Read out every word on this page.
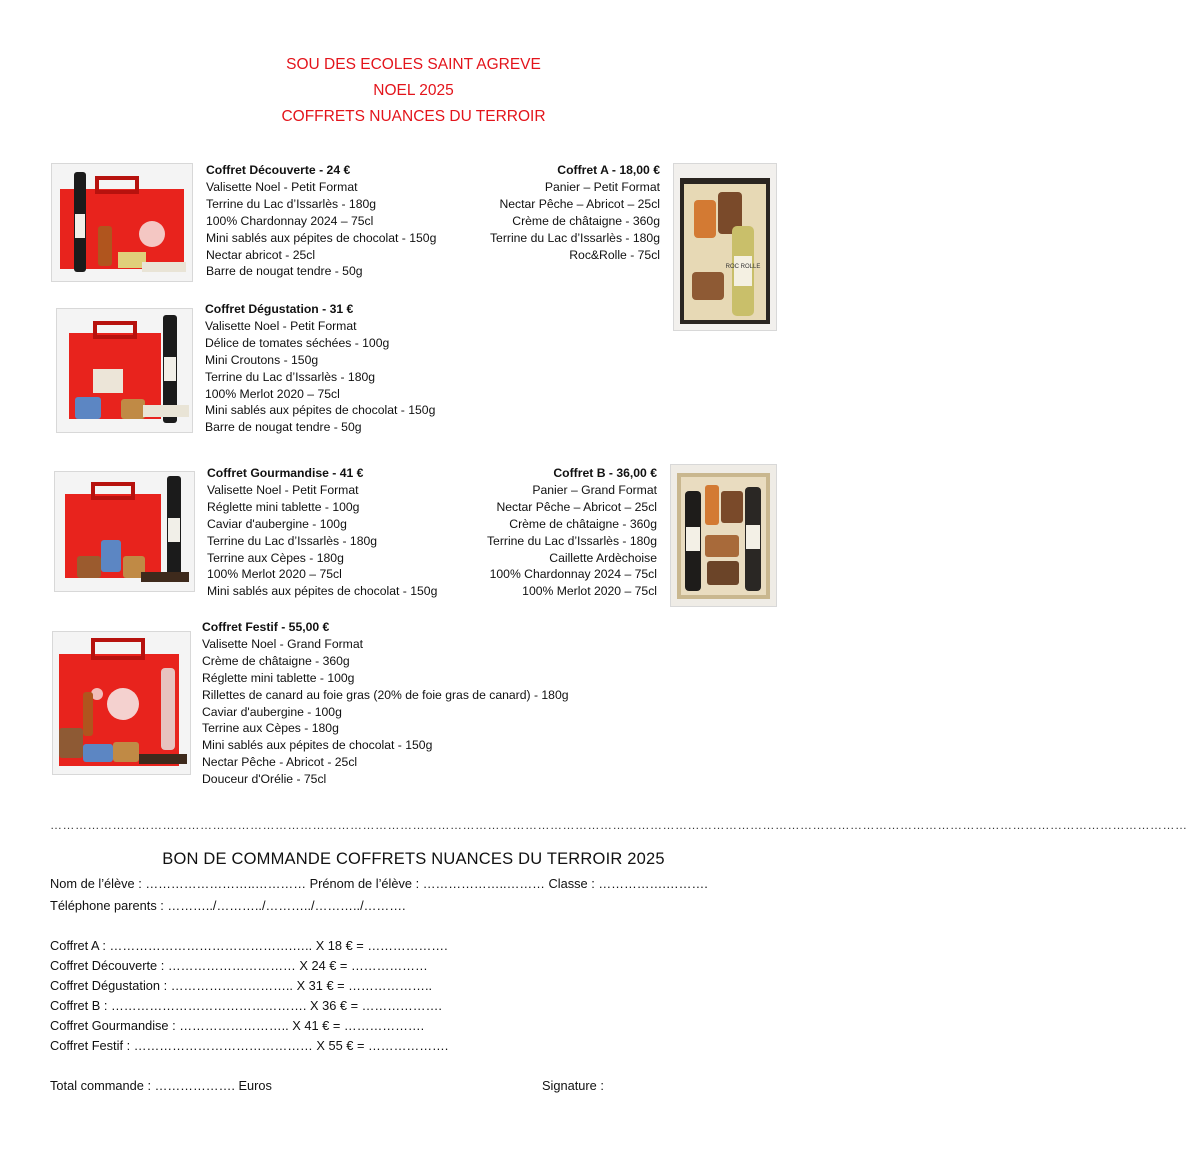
SOU DES ECOLES SAINT AGREVE
NOEL 2025
COFFRETS NUANCES DU TERROIR
Coffret Découverte - 24 €
Valisette Noel - Petit Format
Terrine du Lac d’Issarlès - 180g
100% Chardonnay 2024 – 75cl
Mini sablés aux pépites de chocolat - 150g
Nectar abricot - 25cl
Barre de nougat tendre - 50g
Coffret A - 18,00 €
Panier – Petit Format
Nectar Pêche – Abricot – 25cl
Crème de châtaigne - 360g
Terrine du Lac d’Issarlès - 180g
Roc&Rolle - 75cl
ROC ROLLE
Coffret Dégustation - 31 €
Valisette Noel - Petit Format
Délice de tomates séchées - 100g
Mini Croutons - 150g
Terrine du Lac d’Issarlès - 180g
100% Merlot 2020 – 75cl
Mini sablés aux pépites de chocolat - 150g
Barre de nougat tendre - 50g
Coffret Gourmandise - 41 €
Valisette Noel - Petit Format
Réglette mini tablette - 100g
Caviar d'aubergine - 100g
Terrine du Lac d’Issarlès - 180g
Terrine aux Cèpes - 180g
100% Merlot 2020 – 75cl
Mini sablés aux pépites de chocolat - 150g
Coffret B - 36,00 €
Panier – Grand Format
Nectar Pêche – Abricot – 25cl
Crème de châtaigne - 360g
Terrine du Lac d’Issarlès - 180g
Caillette Ardèchoise
100% Chardonnay 2024 – 75cl
100% Merlot 2020 – 75cl
Coffret Festif - 55,00 €
Valisette Noel - Grand Format
Crème de châtaigne - 360g
Réglette mini tablette - 100g
Rillettes de canard au foie gras (20% de foie gras de canard) - 180g
Caviar d'aubergine - 100g
Terrine aux Cèpes - 180g
Mini sablés aux pépites de chocolat - 150g
Nectar Pêche - Abricot - 25cl
Douceur d'Orélie - 75cl
…………………………………………………………………………………………………………………………………………………………………………………………………………………………………………………
BON DE COMMANDE COFFRETS NUANCES DU TERROIR 2025
Nom de l’élève : ……………………..………… Prénom de l’élève : ………………..……… Classe : …………….……….
Téléphone parents : ………../………../………../………../……….
Coffret A : …………………………………….….. X 18 € = ……………….
Coffret Découverte : ………………………… X 24 € = ………………
Coffret Dégustation : ……………………….. X 31 € = ………………..
Coffret B : ………………………………………. X 36 € = ……………….
Coffret Gourmandise : …………………….. X 41 € = ……………….
Coffret Festif : …………………………………… X 55 € = ……………….
Total commande : ………………. Euros	Signature :
